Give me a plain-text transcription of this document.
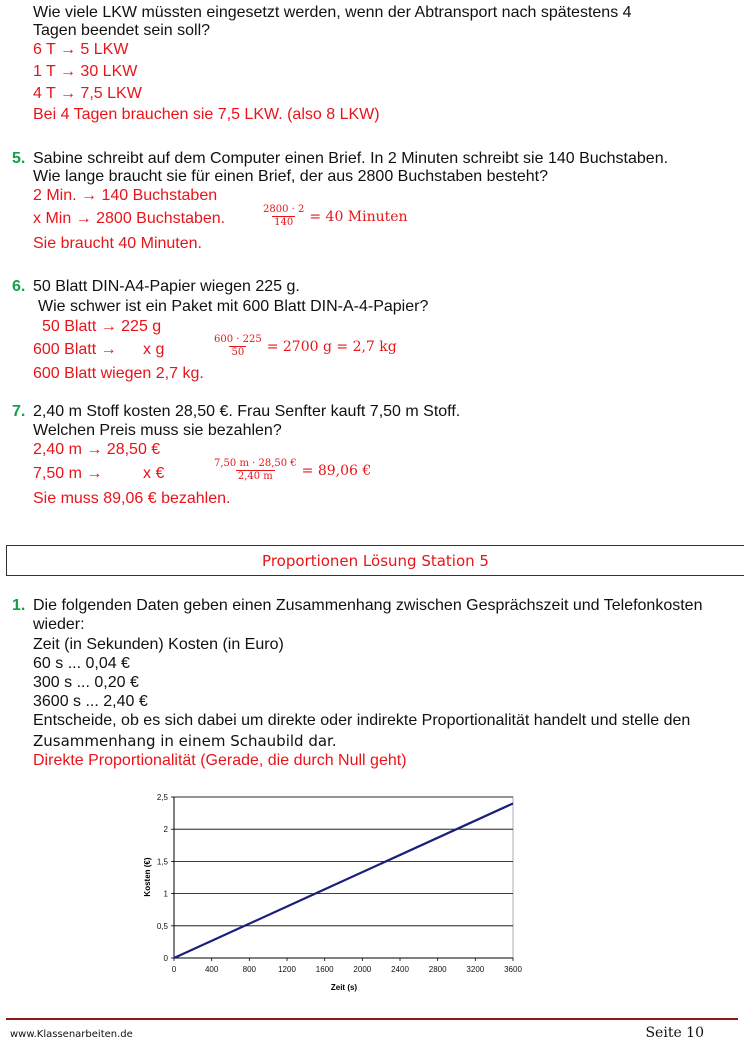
Wie viele LKW müssten eingesetzt werden, wenn der Abtransport nach spätestens 4
Tagen beendet sein soll?
6 T → 5 LKW
1 T → 30 LKW
4 T → 7,5 LKW
Bei 4 Tagen brauchen sie 7,5 LKW. (also 8 LKW)
5. Sabine schreibt auf dem Computer einen Brief. In 2 Minuten schreibt sie 140 Buchstaben.
Wie lange braucht sie für einen Brief, der aus 2800 Buchstaben besteht?
2 Min. → 140 Buchstaben
x Min → 2800 Buchstaben.	$\frac{2800 \cdot 2}{140} = 40$ Minuten
Sie braucht 40 Minuten.
6. 50 Blatt DIN-A4-Papier wiegen 225 g.
Wie schwer ist ein Paket mit 600 Blatt DIN-A-4-Papier?
50 Blatt → 225 g
600 Blatt → x g	$\frac{600 \cdot 225}{50} = 2700$ g = 2,7 kg
600 Blatt wiegen 2,7 kg.
7. 2,40 m Stoff kosten 28,50 €. Frau Senfter kauft 7,50 m Stoff.
Welchen Preis muss sie bezahlen?
2,40 m → 28,50 €
7,50 m →	x €	$\frac{7,50 m \cdot 28,50 €}{2,40 m} = 89,06$ €
Sie muss 89,06 € bezahlen.
Proportionen Lösung Station 5
1. Die folgenden Daten geben einen Zusammenhang zwischen Gesprächszeit und Telefonkosten
wieder:
Zeit (in Sekunden) Kosten (in Euro)
60 s ... 0,04 €
300 s ... 0,20 €
3600 s ... 2,40 €
Entscheide, ob es sich dabei um direkte oder indirekte Proportionalität handelt und stelle den
Zusammenhang in einem Schaubild dar.
Direkte Proportionalität (Gerade, die durch Null geht)
0	400	800	1200 1600 2000 2400 2800 3200 3600
0
0,5
1
1,5
2
2,5
Zeit (s)
Kosten (€)
www.Klassenarbeiten.de	Seite 10
